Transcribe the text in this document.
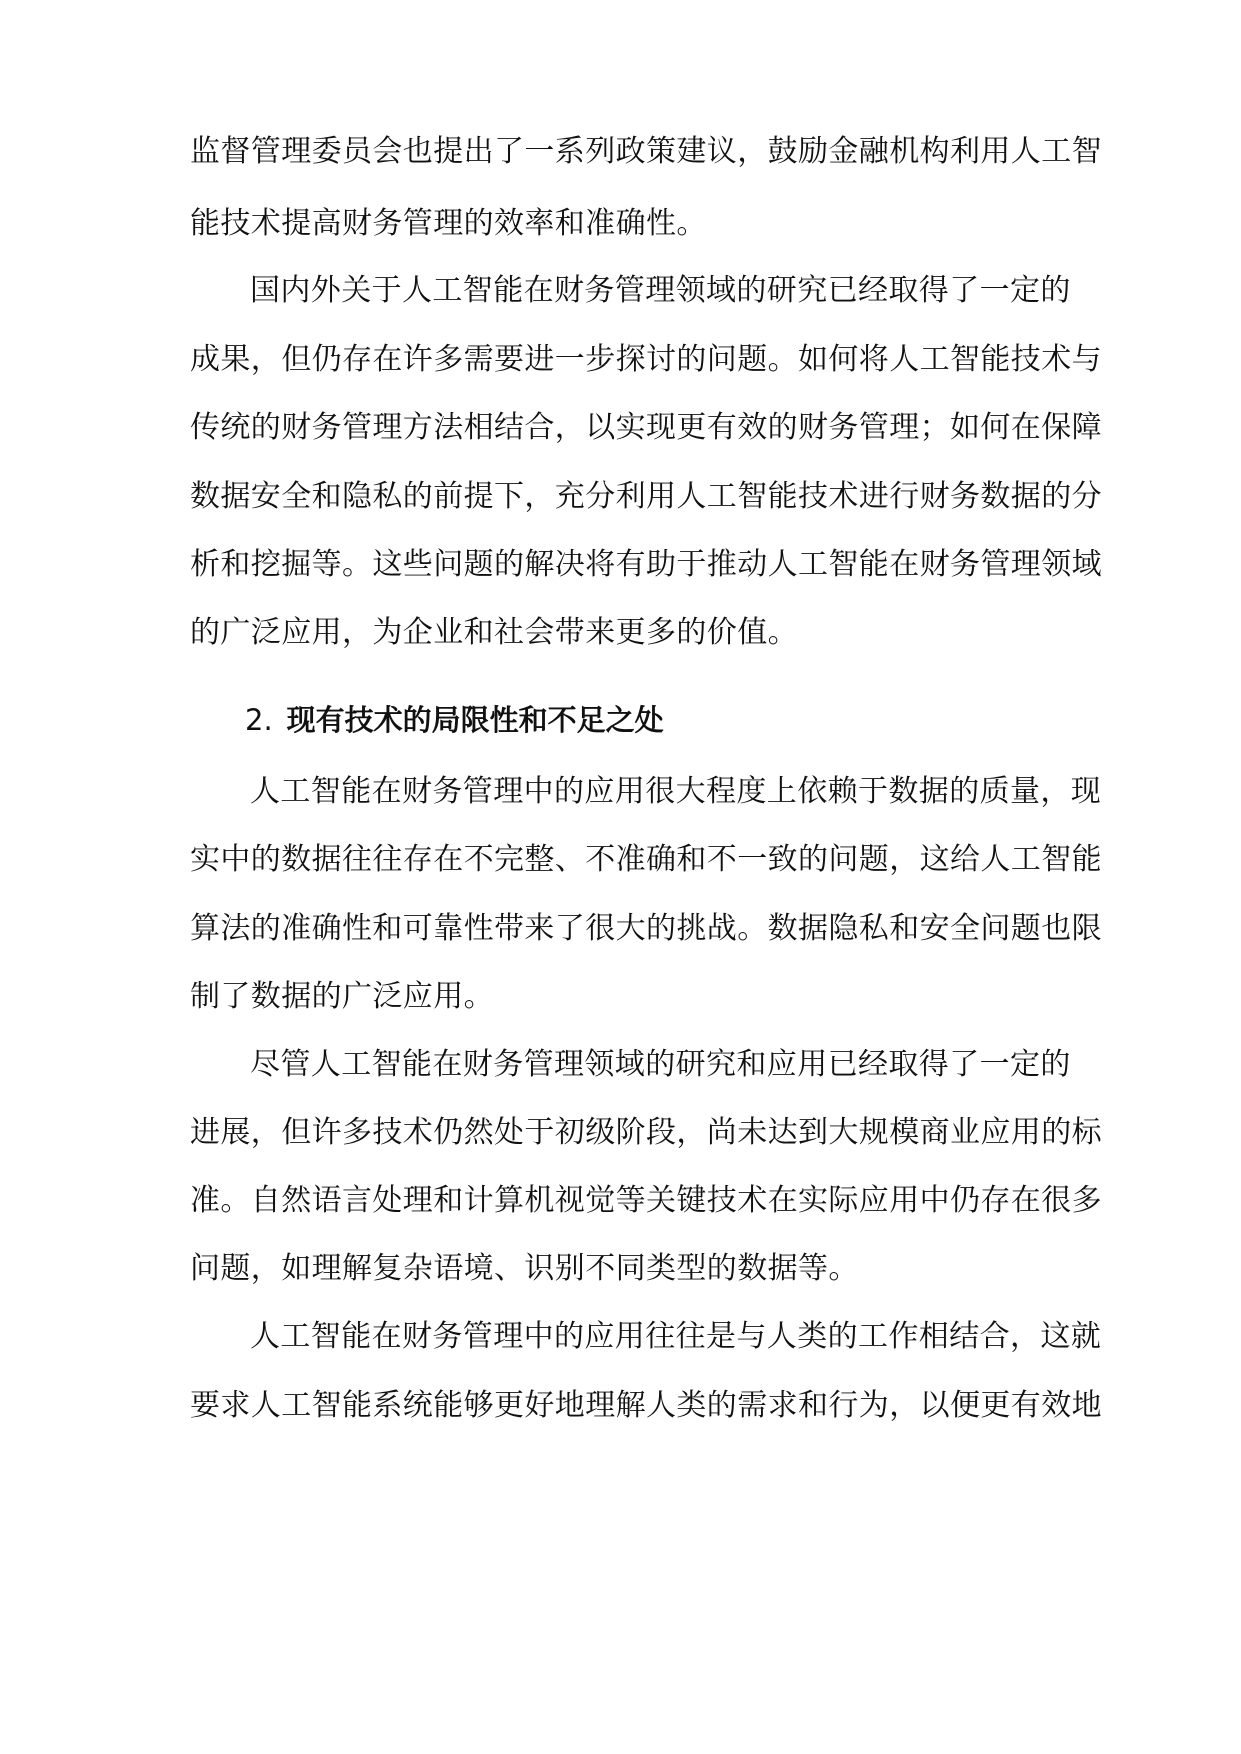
监督管理委员会也提出了一系列政策建议，鼓励金融机构利用人工智
能技术提高财务管理的效率和准确性。
国内外关于人工智能在财务管理领域的研究已经取得了一定的
成果，但仍存在许多需要进一步探讨的问题。如何将人工智能技术与
传统的财务管理方法相结合，以实现更有效的财务管理；如何在保障
数据安全和隐私的前提下，充分利用人工智能技术进行财务数据的分
析和挖掘等。这些问题的解决将有助于推动人工智能在财务管理领域
的广泛应用，为企业和社会带来更多的价值。
2. 现有技术的局限性和不足之处
人工智能在财务管理中的应用很大程度上依赖于数据的质量，现
实中的数据往往存在不完整、不准确和不一致的问题，这给人工智能
算法的准确性和可靠性带来了很大的挑战。数据隐私和安全问题也限
制了数据的广泛应用。
尽管人工智能在财务管理领域的研究和应用已经取得了一定的
进展，但许多技术仍然处于初级阶段，尚未达到大规模商业应用的标
准。自然语言处理和计算机视觉等关键技术在实际应用中仍存在很多
问题，如理解复杂语境、识别不同类型的数据等。
人工智能在财务管理中的应用往往是与人类的工作相结合，这就
要求人工智能系统能够更好地理解人类的需求和行为，以便更有效地
